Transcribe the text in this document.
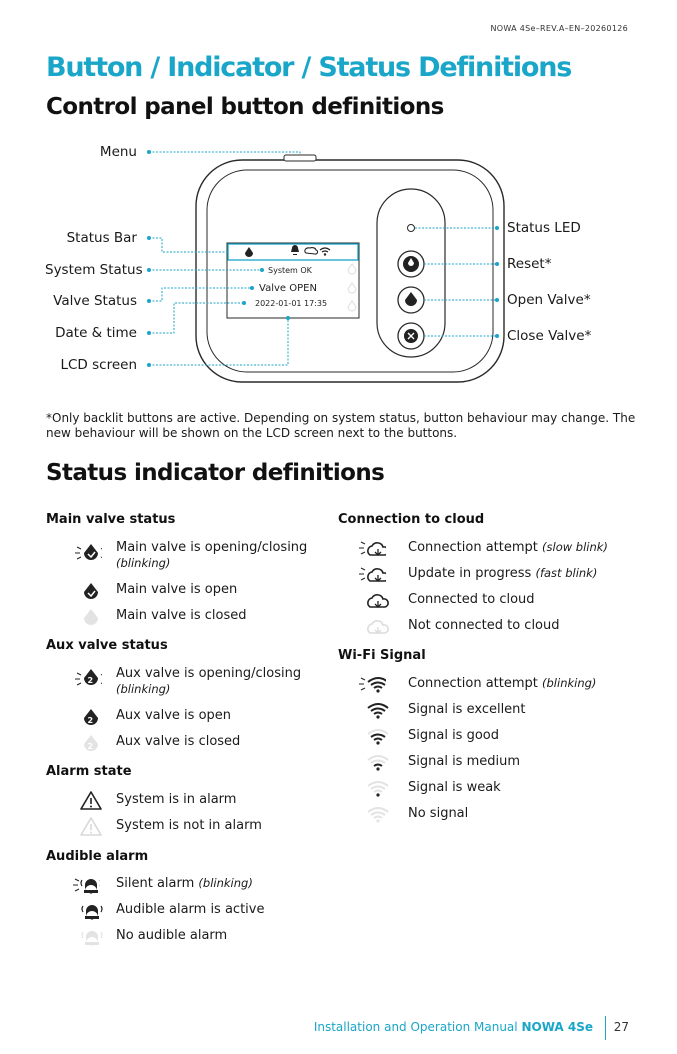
NOWA 4Se–REV.A–EN–20260126
Button / Indicator / Status Definitions
Control panel button definitions
System OK
Valve OPEN
2022-01-01 17:35
Menu
Status Bar
System Status
Valve Status
Date & time
LCD screen
Status LED
Reset*
Open Valve*
Close Valve*
*Only backlit buttons are active. Depending on system status, button behaviour may change. The new behaviour will be shown on the LCD screen next to the buttons.
Status indicator definitions
Main valve status
Main valve is opening/closing
(blinking)
Main valve is open
Main valve is closed
Aux valve status
2 Aux valve is opening/closing
(blinking)
2 Aux valve is open
2 Aux valve is closed
Alarm state
System is in alarm
System is not in alarm
Audible alarm
Silent alarm (blinking)
Audible alarm is active
No audible alarm
Connection to cloud
Connection attempt (slow blink)
Update in progress (fast blink)
Connected to cloud
Not connected to cloud
Wi-Fi Signal
Connection attempt (blinking)
Signal is excellent
Signal is good
Signal is medium
Signal is weak
No signal
Installation and Operation Manual NOWA 4Se 27
